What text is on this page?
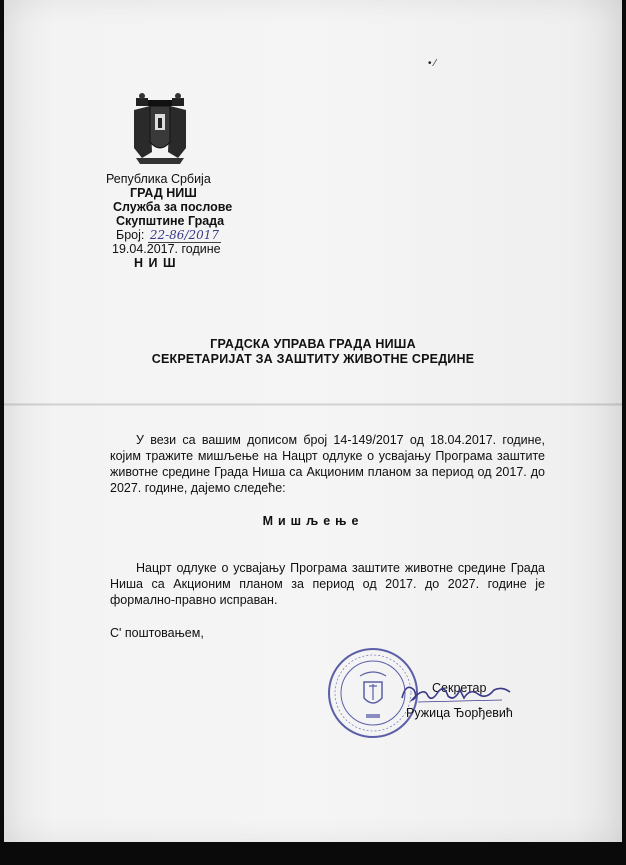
Република Србија
ГРАД НИШ
Служба за послове
Скупштине Града
Број: 22-86/2017
19.04.2017. године
Н И Ш
• ⁄
ГРАДСКА УПРАВА ГРАДА НИША
СЕКРЕТАРИЈАТ ЗА ЗАШТИТУ ЖИВОТНЕ СРЕДИНЕ
У вези са вашим дописом број 14-149/2017 од 18.04.2017. године, којим тражите мишљење на Нацрт одлуке о усвајању Програма заштите животне средине Града Ниша са Акционим планом за период од 2017. до 2027. године, дајемо следеће:
Мишљење
Нацрт одлуке о усвајању Програма заштите животне средине Града Ниша са Акционим планом за период од 2017. до 2027. године је формално-правно исправан.
С' поштовањем,
Секретар
Ружица Ђорђевић
